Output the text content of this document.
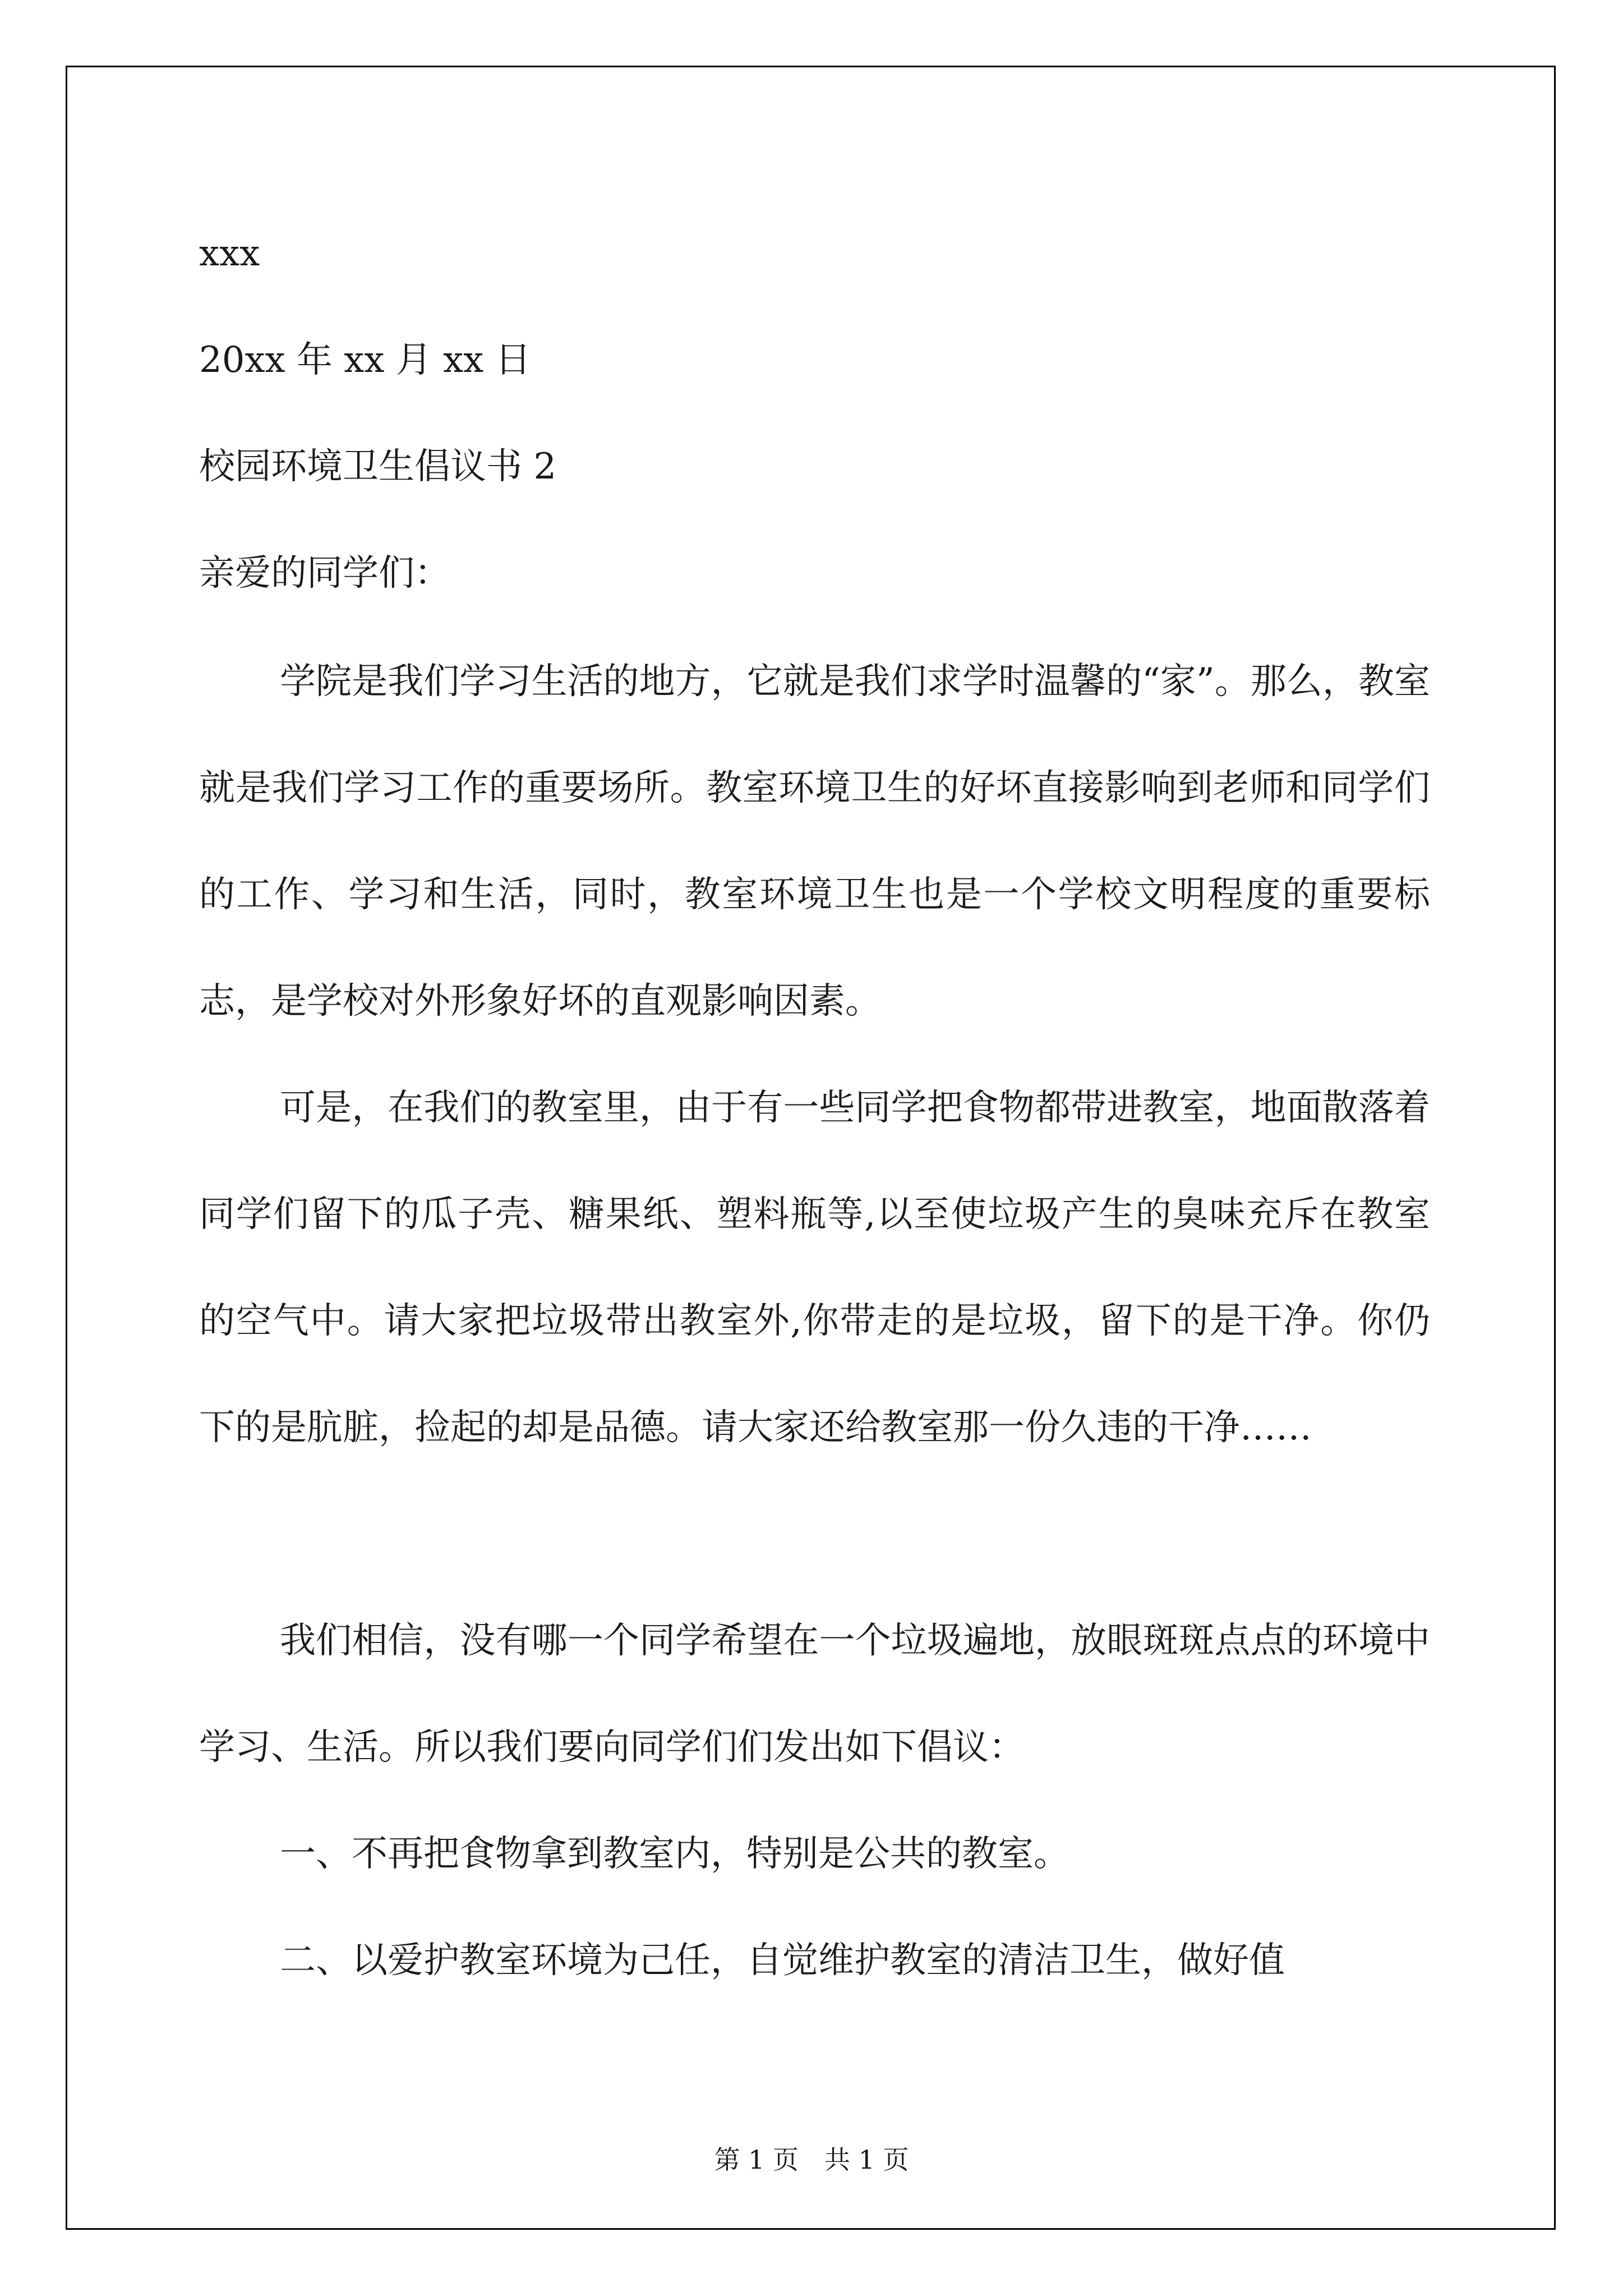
xxx
20xx 年 xx 月 xx 日
校园环境卫生倡议书 2
亲爱的同学们：

学院是我们学习生活的地方，它就是我们求学时温馨的“家”。那么，教室就是我们学习工作的重要场所。教室环境卫生的好坏直接影响到老师和同学们的工作、学习和生活，同时，教室环境卫生也是一个学校文明程度的重要标志，是学校对外形象好坏的直观影响因素。

可是，在我们的教室里，由于有一些同学把食物都带进教室，地面散落着同学们留下的瓜子壳、糖果纸、塑料瓶等,以至使垃圾产生的臭味充斥在教室的空气中。请大家把垃圾带出教室外,你带走的是垃圾，留下的是干净。你仍下的是肮脏，捡起的却是品德。请大家还给教室那一份久违的干净……

我们相信，没有哪一个同学希望在一个垃圾遍地，放眼斑斑点点的环境中学习、生活。所以我们要向同学们们发出如下倡议：

一、不再把食物拿到教室内，特别是公共的教室。

二、以爱护教室环境为己任，自觉维护教室的清洁卫生，做好值

第 1 页　共 1 页
